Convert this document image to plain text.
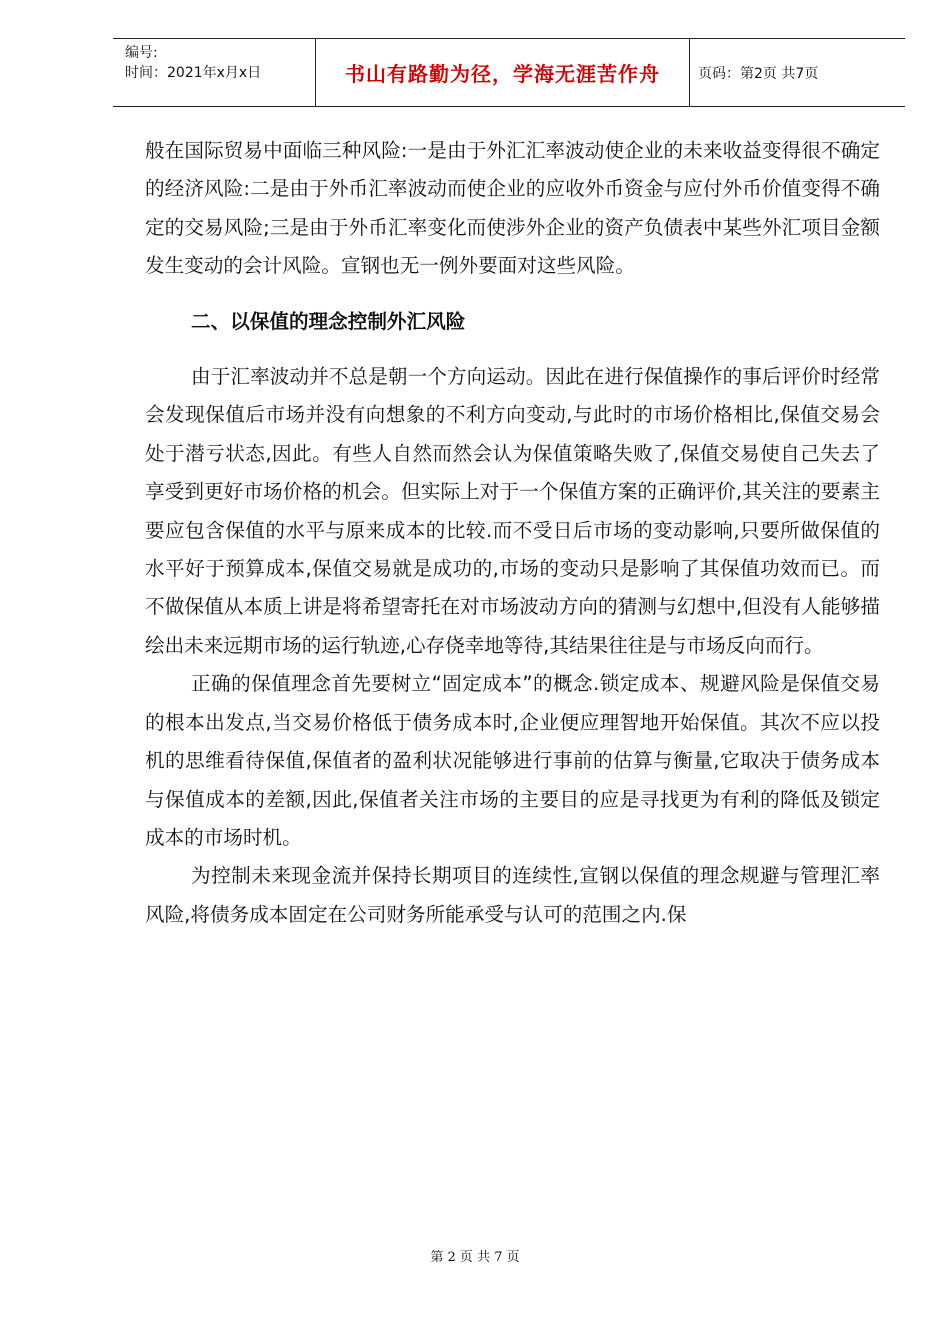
编号:
时间：2021年x月x日	书山有路勤为径，学海无涯苦作舟	页码：第2页 共7页

般在国际贸易中面临三种风险:一是由于外汇汇率波动使企业的未来收益变得很不确定的经济风险:二是由于外币汇率波动而使企业的应收外币资金与应付外币价值变得不确定的交易风险;三是由于外币汇率变化而使涉外企业的资产负债表中某些外汇项目金额发生变动的会计风险。宣钢也无一例外要面对这些风险。

二、以保值的理念控制外汇风险

由于汇率波动并不总是朝一个方向运动。因此在进行保值操作的事后评价时经常会发现保值后市场并没有向想象的不利方向变动,与此时的市场价格相比,保值交易会处于潜亏状态,因此。有些人自然而然会认为保值策略失败了,保值交易使自己失去了享受到更好市场价格的机会。但实际上对于一个保值方案的正确评价,其关注的要素主要应包含保值的水平与原来成本的比较.而不受日后市场的变动影响,只要所做保值的水平好于预算成本,保值交易就是成功的,市场的变动只是影响了其保值功效而已。而不做保值从本质上讲是将希望寄托在对市场波动方向的猜测与幻想中,但没有人能够描绘出未来远期市场的运行轨迹,心存侥幸地等待,其结果往往是与市场反向而行。

正确的保值理念首先要树立“固定成本”的概念.锁定成本、规避风险是保值交易的根本出发点,当交易价格低于债务成本时,企业便应理智地开始保值。其次不应以投机的思维看待保值,保值者的盈利状况能够进行事前的估算与衡量,它取决于债务成本与保值成本的差额,因此,保值者关注市场的主要目的应是寻找更为有利的降低及锁定成本的市场时机。

为控制未来现金流并保持长期项目的连续性,宣钢以保值的理念规避与管理汇率风险,将债务成本固定在公司财务所能承受与认可的范围之内.保

第 2 页 共 7 页
